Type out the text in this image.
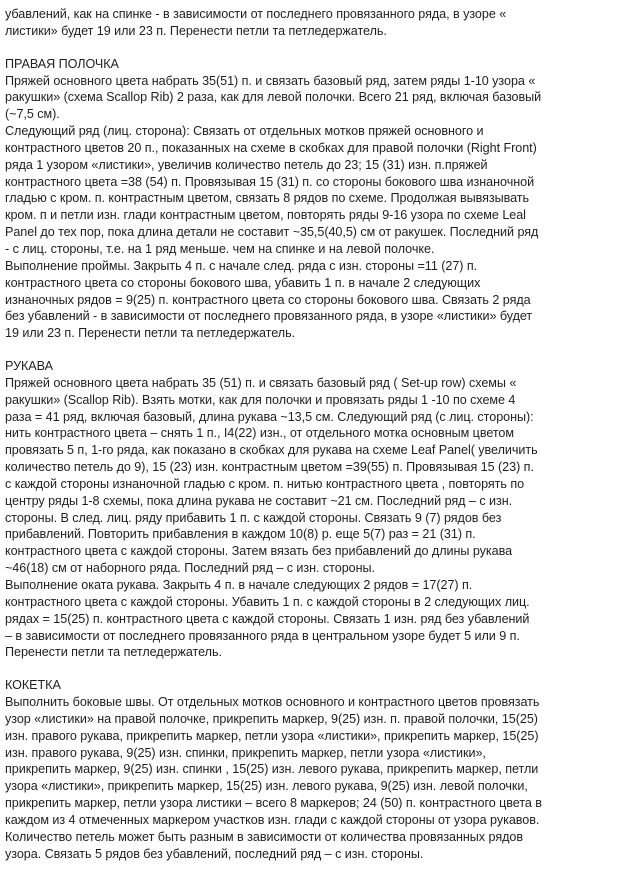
убавлений, как на спинке - в зависимости от последнего провязанного ряда, в узоре «
листики» будет 19 или 23 п. Перенести петли та петледержатель.
ПРАВАЯ ПОЛОЧКА
Пряжей основного цвета набрать 35(51) п. и связать базовый ряд, затем ряды 1-10 узора «
ракушки» (схема Scallop Rib) 2 раза, как для левой полочки. Всего 21 ряд, включая базовый
(~7,5 см).
Следующий ряд (лиц. сторона): Связать от отдельных мотков пряжей основного и
контрастного цветов 20 п., показанных на схеме в скобках для правой полочки (Right Front)
ряда 1 узором «листики», увеличив количество петель до 23; 15 (31) изн. п.пряжей
контрастного цвета =38 (54) п. Провязывая 15 (31) п. со стороны бокового шва изнаночной
гладью с кром. п. контрастным цветом, связать 8 рядов по схеме. Продолжая вывязывать
кром. п и петли изн. глади контрастным цветом, повторять ряды 9-16 узора по схеме Leal
Panel до тех пор, пока длина детали не составит ~35,5(40,5) см от ракушек. Последний ряд
- с лиц. стороны, т.е. на 1 ряд меньше. чем на спинке и на левой полочке.
Выполнение проймы. Закрыть 4 п. с начале след. ряда с изн. стороны =11 (27) п.
контрастного цвета со стороны бокового шва, убавить 1 п. в начале 2 следующих
изнаночных рядов = 9(25) п. контрастного цвета со стороны бокового шва. Связать 2 ряда
без убавлений - в зависимости от последнего провязанного ряда, в узоре «листики» будет
19 или 23 п. Перенести петли та петледержатель.
РУКАВА
Пряжей основного цвета набрать 35 (51) п. и связать базовый ряд ( Set-up row) схемы «
ракушки» (Scallop Rib). Взять мотки, как для полочки и провязать ряды 1 -10 по схеме 4
раза = 41 ряд, включая базовый, длина рукава ~13,5 см. Следующий ряд (с лиц. стороны):
нить контрастного цвета – снять 1 п., I4(22) изн., от отдельного мотка основным цветом
провязать 5 п, 1-го ряда, как показано в скобках для рукава на схеме Leaf Panel( увеличить
количество петель до 9), 15 (23) изн. контрастным цветом =39(55) п. Провязывая 15 (23) п.
с каждой стороны изнаночной гладью с кром. п. нитью контрастного цвета , повторять по
центру ряды 1-8 схемы, пока длина рукава не составит ~21 см. Последний ряд – с изн.
стороны. В след. лиц. ряду прибавить 1 п. с каждой стороны. Связать 9 (7) рядов без
прибавлений. Повторить прибавления в каждом 10(8) р. еще 5(7) раз = 21 (31) п.
контрастного цвета с каждой стороны. Затем вязать без прибавлений до длины рукава
~46(18) см от наборного ряда. Последний ряд – с изн. стороны.
Выполнение оката рукава. Закрыть 4 п. в начале следующих 2 рядов = 17(27) п.
контрастного цвета с каждой стороны. Убавить 1 п. с каждой стороны в 2 следующих лиц.
рядах = 15(25) п. контрастного цвета с каждой стороны. Связать 1 изн. ряд без убавлений
– в зависимости от последнего провязанного ряда в центральном узоре будет 5 или 9 п.
Перенести петли та петледержатель.
КОКЕТКА
Выполнить боковые швы. От отдельных мотков основного и контрастного цветов провязать
узор «листики» на правой полочке, прикрепить маркер, 9(25) изн. п. правой полочки, 15(25)
изн. правого рукава, прикрепить маркер, петли узора «листики», прикрепить маркер, 15(25)
изн. правого рукава, 9(25) изн. спинки, прикрепить маркер, петли узора «листики»,
прикрепить маркер, 9(25) изн. спинки , 15(25) изн. левого рукава, прикрепить маркер, петли
узора «листики», прикрепить маркер, 15(25) изн. левого рукава, 9(25) изн. левой полочки,
прикрепить маркер, петли узора листики – всего 8 маркеров; 24 (50) п. контрастного цвета в
каждом из 4 отмеченных маркером участков изн. глади с каждой стороны от узора рукавов.
Количество петель может быть разным в зависимости от количества провязанных рядов
узора. Связать 5 рядов без убавлений, последний ряд – с изн. стороны.
